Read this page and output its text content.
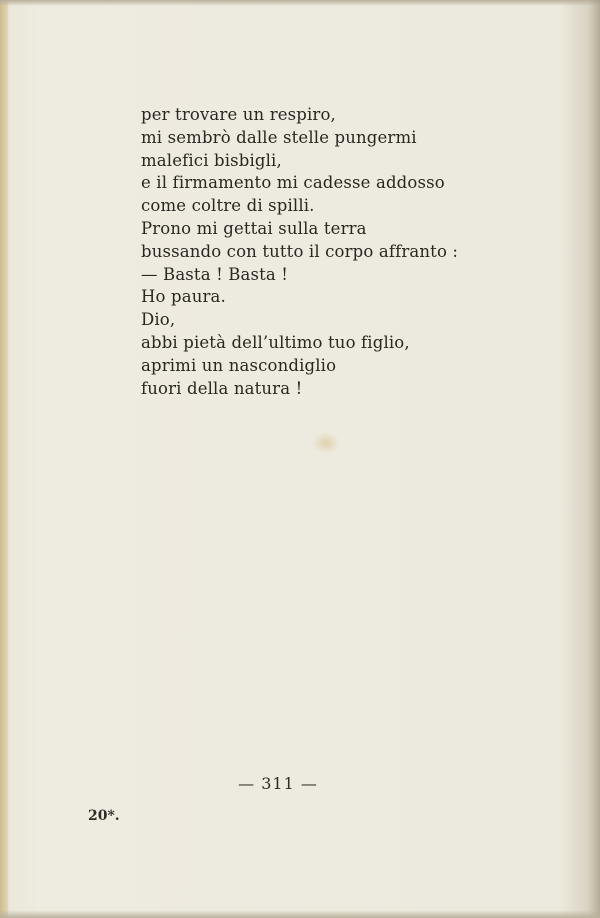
per trovare un respiro,
mi sembrò dalle stelle pungermi
malefici bisbigli,
e il firmamento mi cadesse addosso
come coltre di spilli.
Prono mi gettai sulla terra
bussando con tutto il corpo affranto :
— Basta ! Basta !
Ho paura.
Dio,
abbi pietà dell’ultimo tuo figlio,
aprimi un nascondiglio
fuori della natura !
— 311 —
20*.
